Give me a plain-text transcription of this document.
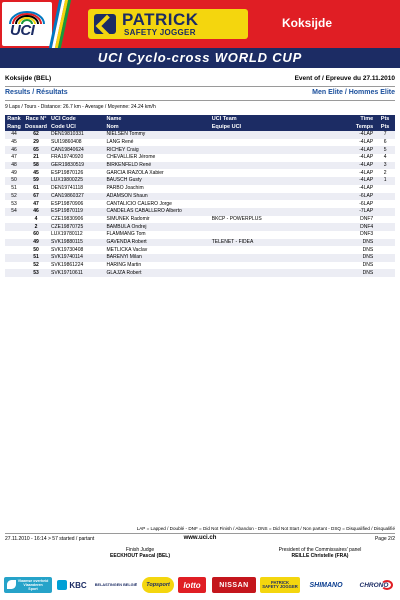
UCI
PATRICK
SAFETY JOGGER
Koksijde
UCI Cyclo-cross WORLD CUP
Koksijde (BEL)	Event of / Epreuve du 27.11.2010
Results / Résultats	Men Elite / Hommes Elite
9 Laps / Tours - Distance: 26.7 km - Average / Moyenne: 24.24 km/h
Rank	Race N°	UCI Code	Name	UCI Team	Time	Pts
Rang	Dossard	Code UCI	Nom	Equipe UCI	Temps	Pts
44	62	DEN19810331	NIELSEN Tommy		-4LAP	7
45	29	SUI19860408	LANG René		-4LAP	6
46	65	CAN19840624	RICHEY Craig		-4LAP	5
47	21	FRA19740920	CHEVALLIER Jérome		-4LAP	4
48	58	GER19830519	BIRKENFELD René		-4LAP	3
49	45	ESP19870126	GARCIA IRAZOLA Xabier		-4LAP	2
50	59	LUX19800225	BAUSCH Gusty		-4LAP	1
51	61	DEN19741118	PARBO Joachim		-4LAP	
52	67	CAN19860327	ADAMSON Shaun		-6LAP	
53	47	ESP19870906	CANTALICIO CALERO Jorge		-6LAP	
54	46	ESP19870119	CANDELAS CABALLERO Alberto		-7LAP	
	4	CZE19830906	SIMUNEK Radomir	BKCP - POWERPLUS	DNF7	
	2	CZE19870725	BAMBULA Ondrej		DNF4	
	60	LUX19780112	FLAMMANG Tom		DNF3	
	49	SVK19880115	GAVENDA Robert	TELENET - FIDEA	DNS	
	50	SVK19730408	METLICKA Vaclav		DNS	
	51	SVK19740114	BARENYI Milan		DNS	
	52	SVK19861224	HARING Martin		DNS	
	53	SVK19710611	GLAJZA Robert		DNS	
LAP = Lapped / Doublé - DNF = Did Not Finish / Abandon - DNS = Did Not Start / Non partant - DSQ = Disqualified / Disqualifié
27.11.2010 - 16:14 > 57 started / partant	www.uci.ch	Page 2/2
Finish Judge
EECKHOUT Pascal (BEL)
President of the Commissaires' panel
REILLE Christelle (FRA)
Vlaamse overheid
Vlaanderen
Sport	KBC	BELASTINGEN BELGIË	Topsport	lotto	NISSAN	PATRICK
SAFETY JOGGER	SHIMANO	CHRONO
